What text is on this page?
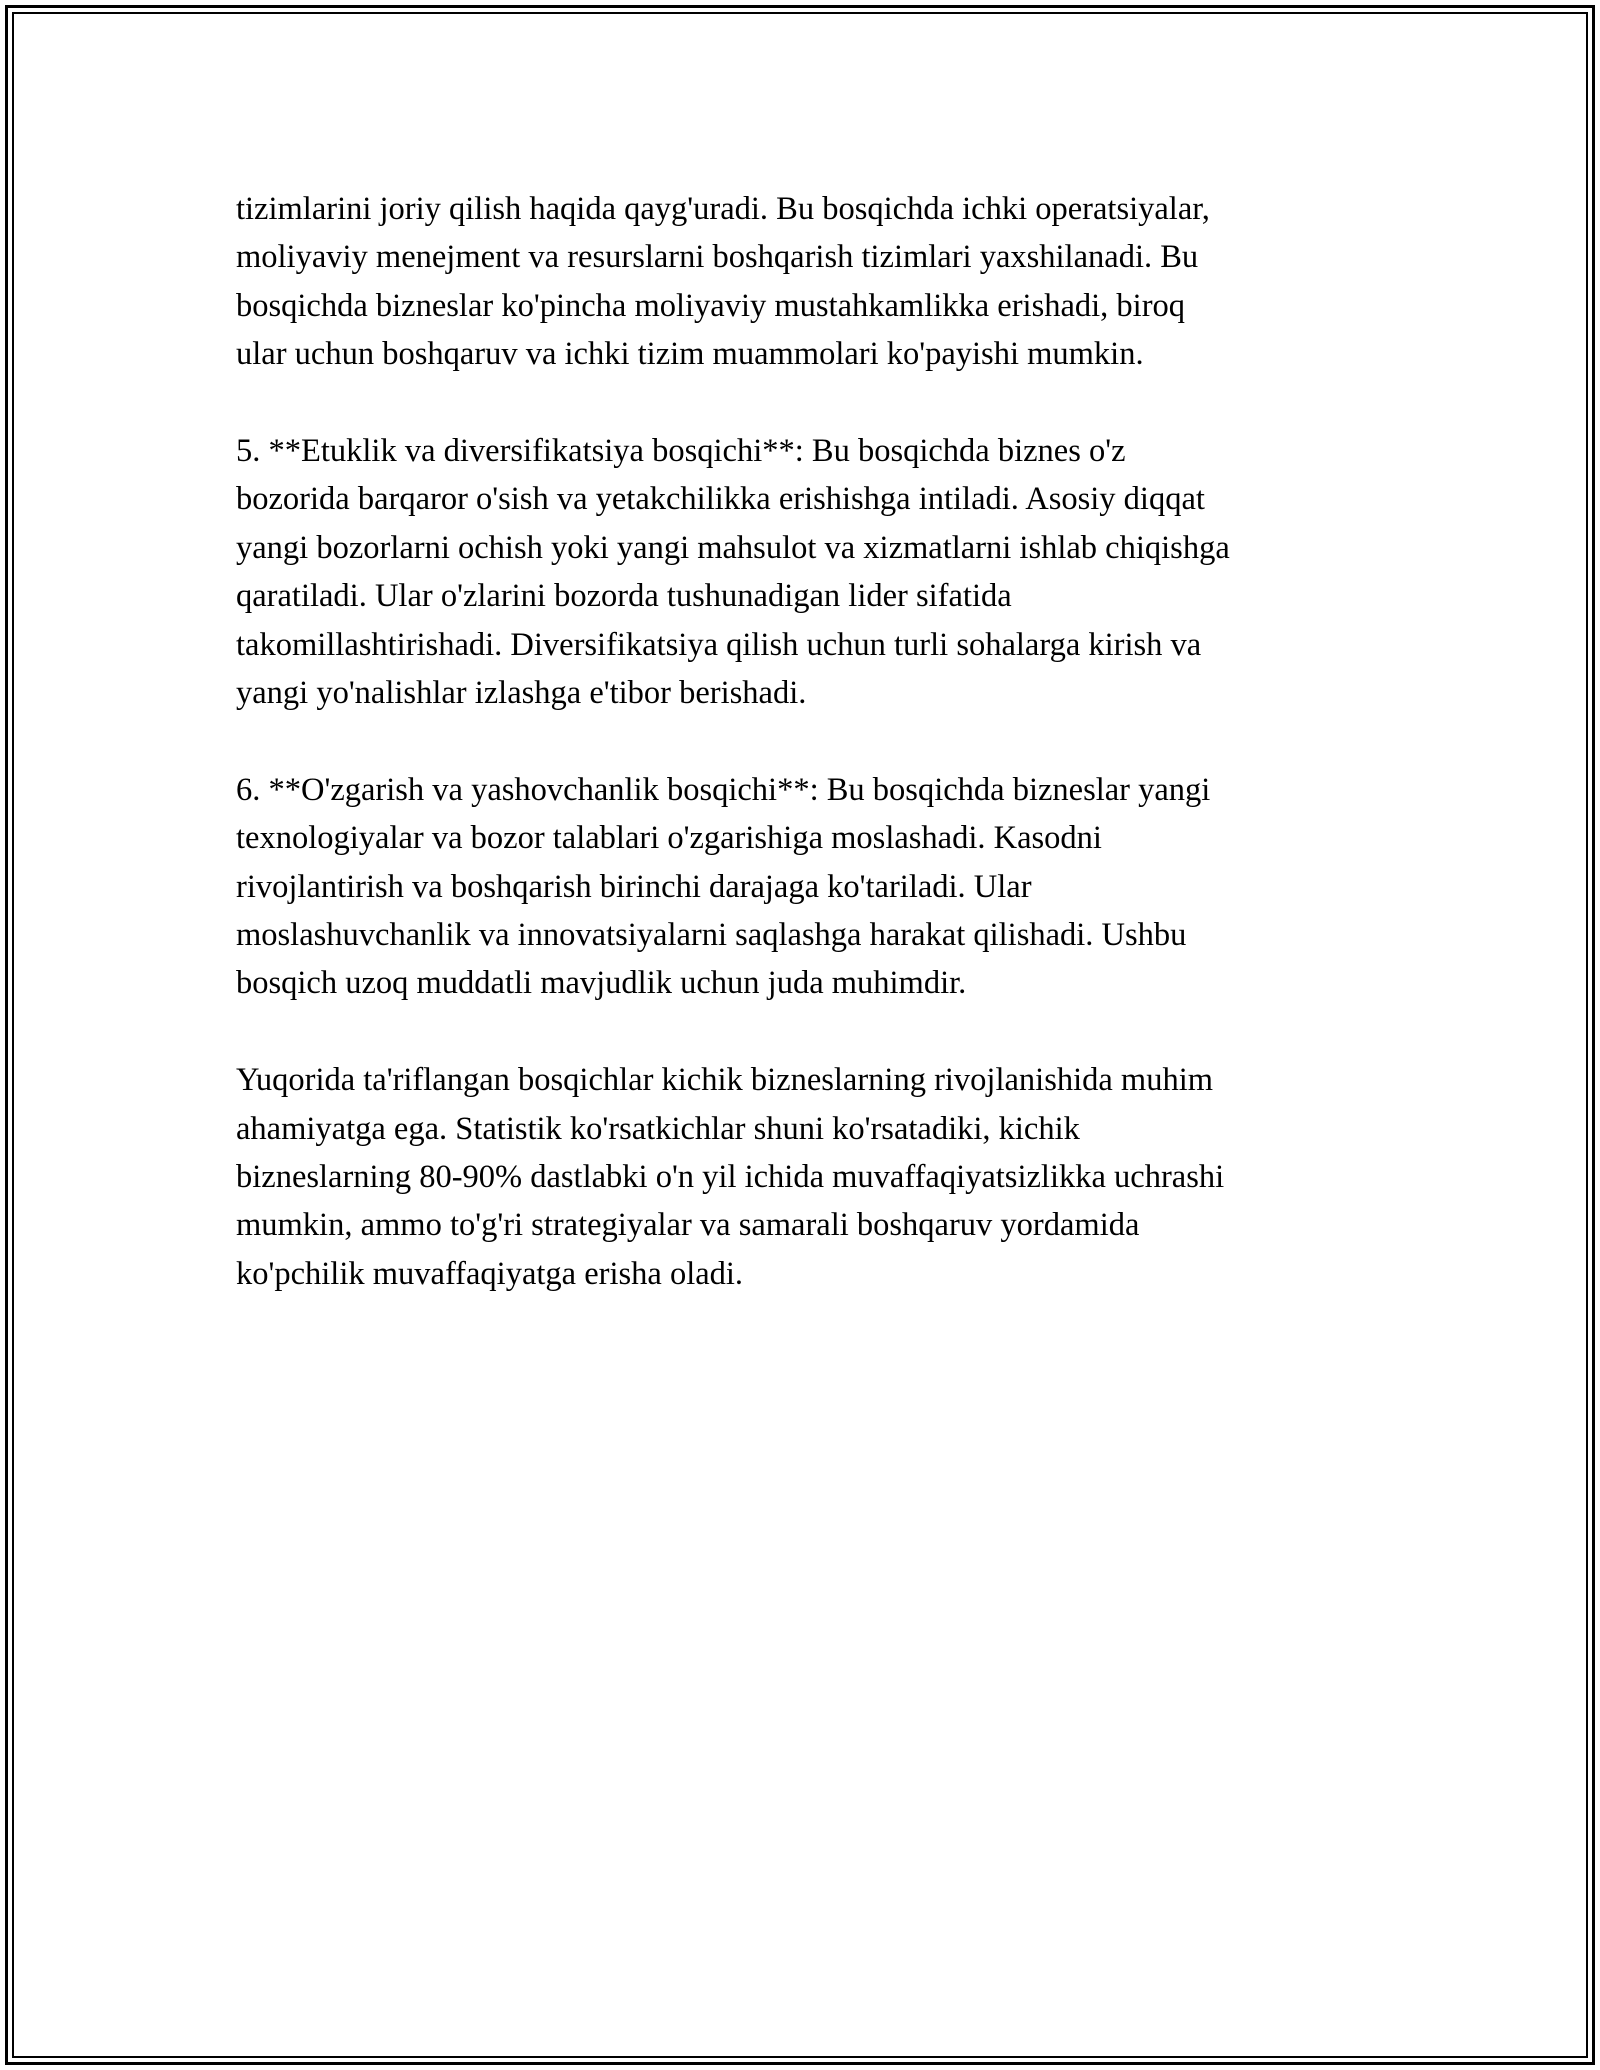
tizimlarini joriy qilish haqida qayg'uradi. Bu bosqichda ichki operatsiyalar,
moliyaviy menejment va resurslarni boshqarish tizimlari yaxshilanadi. Bu
bosqichda bizneslar ko'pincha moliyaviy mustahkamlikka erishadi, biroq
ular uchun boshqaruv va ichki tizim muammolari ko'payishi mumkin.

5. **Etuklik va diversifikatsiya bosqichi**: Bu bosqichda biznes o'z
bozorida barqaror o'sish va yetakchilikka erishishga intiladi. Asosiy diqqat
yangi bozorlarni ochish yoki yangi mahsulot va xizmatlarni ishlab chiqishga
qaratiladi. Ular o'zlarini bozorda tushunadigan lider sifatida
takomillashtirishadi. Diversifikatsiya qilish uchun turli sohalarga kirish va
yangi yo'nalishlar izlashga e'tibor berishadi.

6. **O'zgarish va yashovchanlik bosqichi**: Bu bosqichda bizneslar yangi
texnologiyalar va bozor talablari o'zgarishiga moslashadi. Kasodni
rivojlantirish va boshqarish birinchi darajaga ko'tariladi. Ular
moslashuvchanlik va innovatsiyalarni saqlashga harakat qilishadi. Ushbu
bosqich uzoq muddatli mavjudlik uchun juda muhimdir.

Yuqorida ta'riflangan bosqichlar kichik bizneslarning rivojlanishida muhim
ahamiyatga ega. Statistik ko'rsatkichlar shuni ko'rsatadiki, kichik
bizneslarning 80-90% dastlabki o'n yil ichida muvaffaqiyatsizlikka uchrashi
mumkin, ammo to'g'ri strategiyalar va samarali boshqaruv yordamida
ko'pchilik muvaffaqiyatga erisha oladi.
